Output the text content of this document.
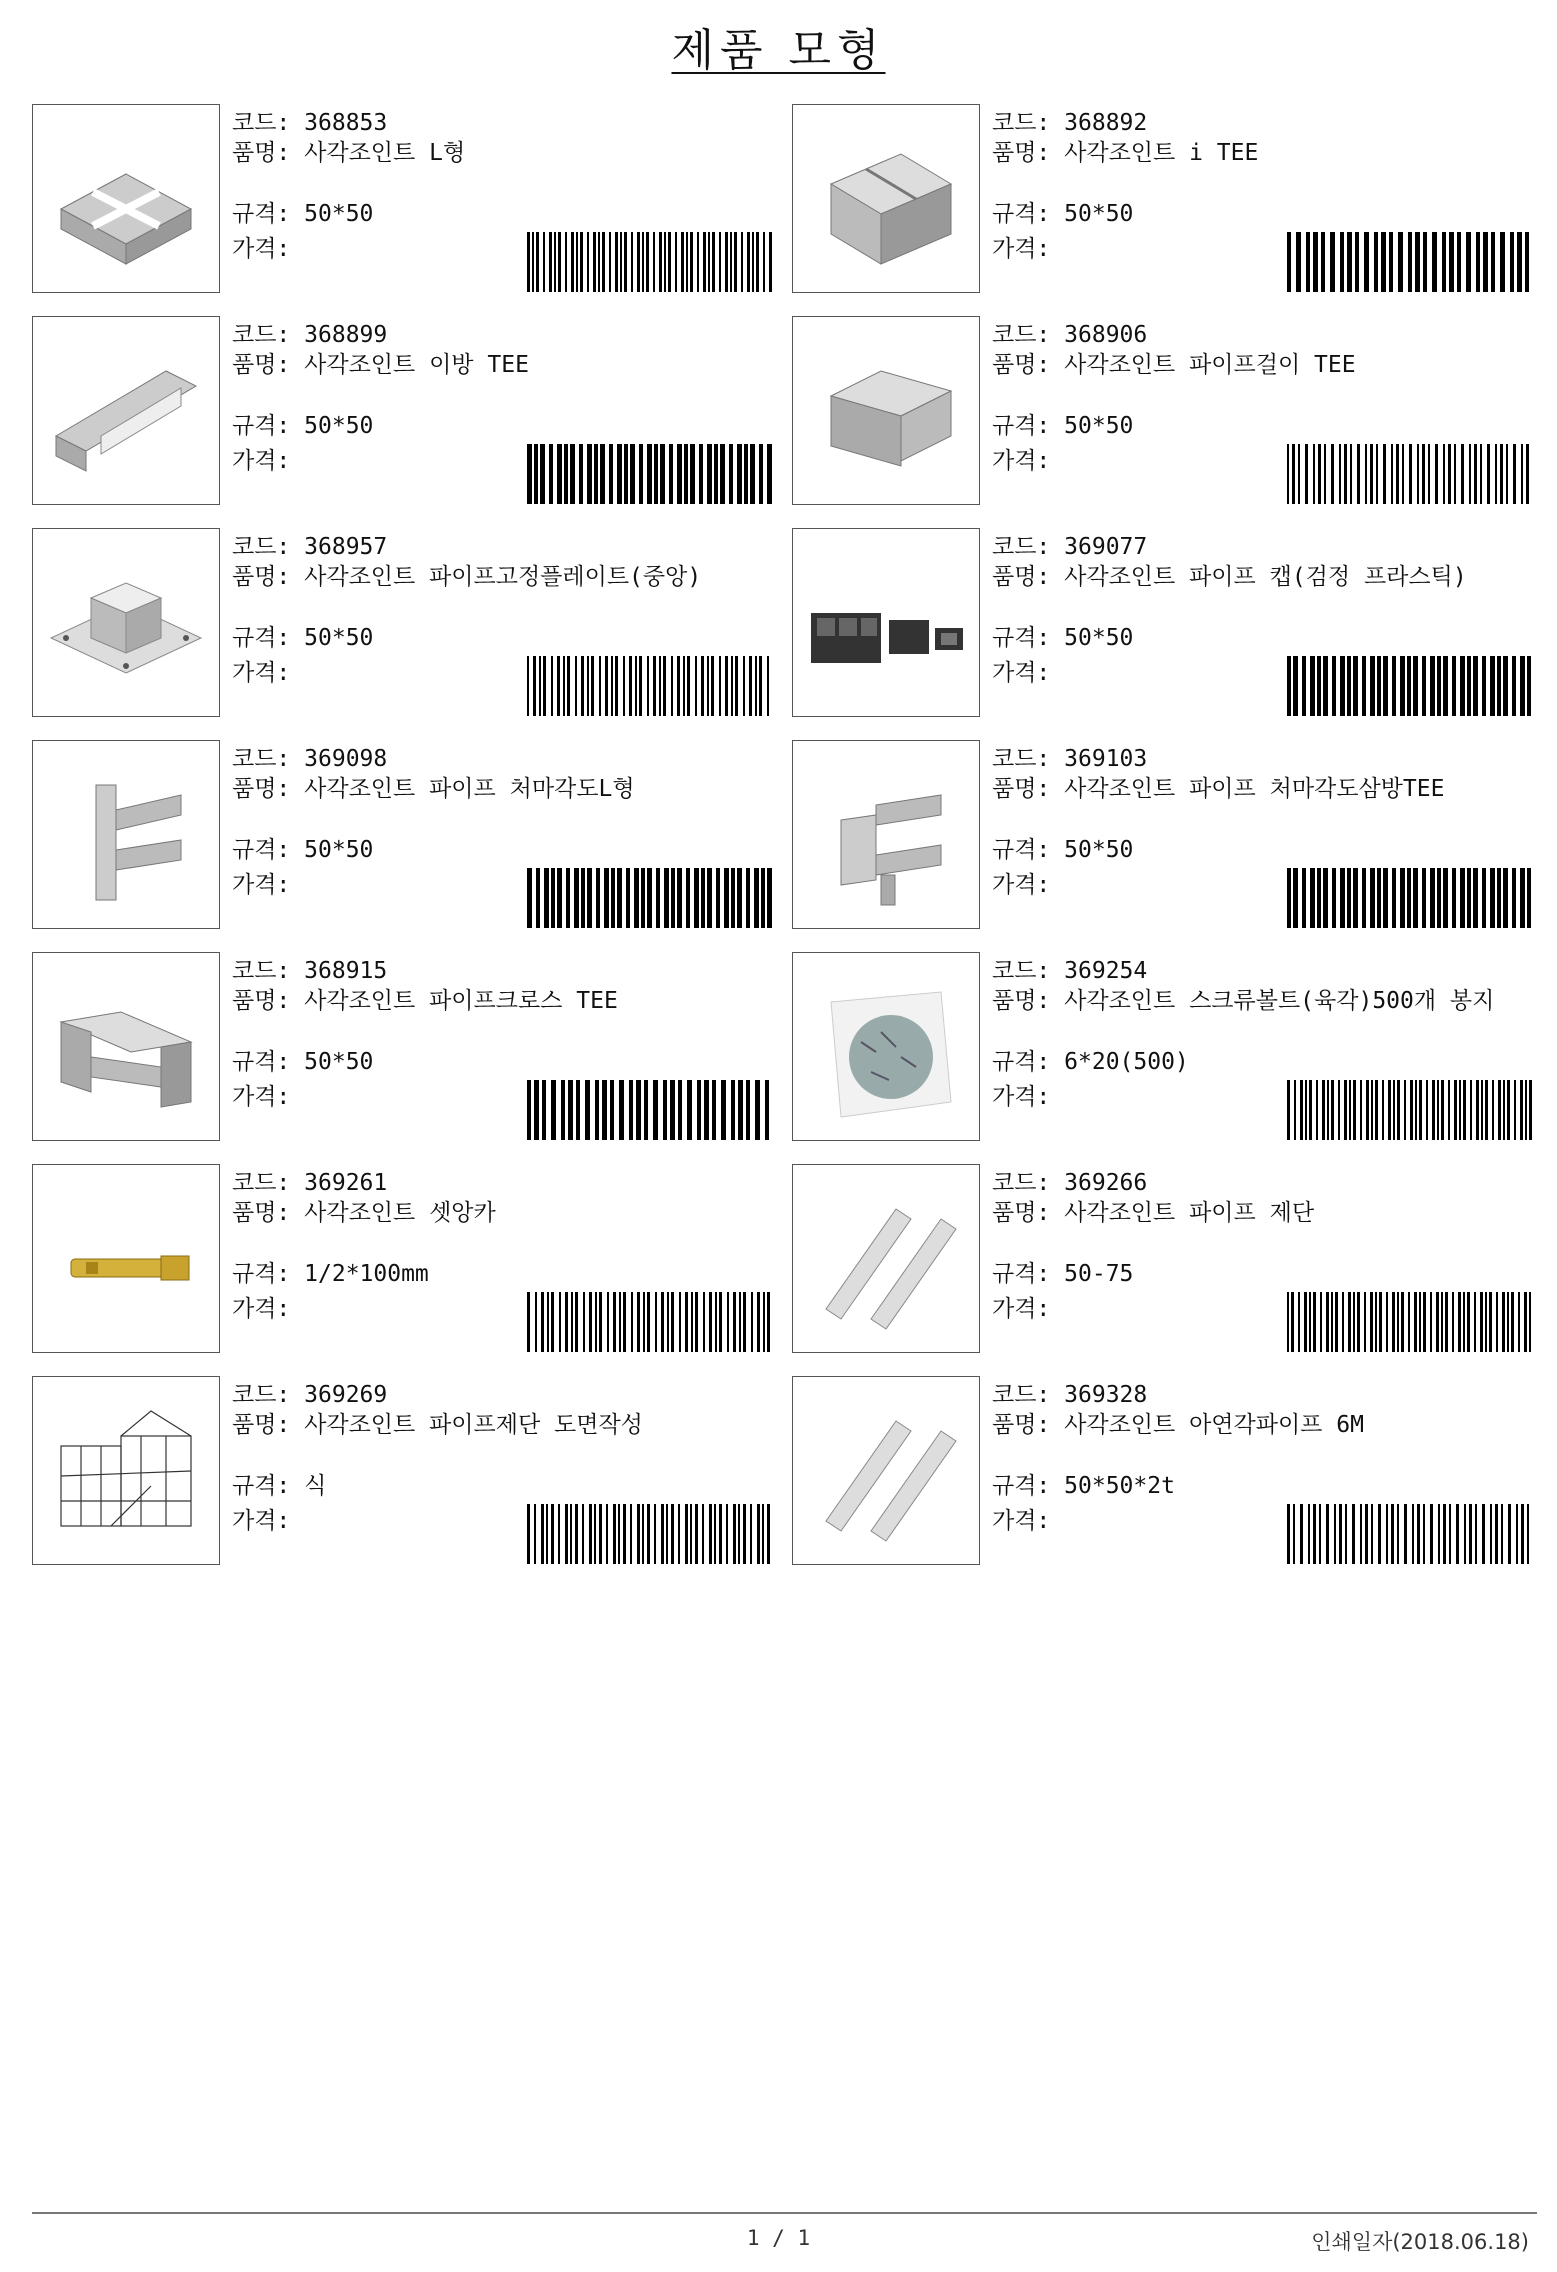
제품 모형
코드: 368853
품명: 사각조인트 L형
규격: 50*50
가격:
코드: 368892
품명: 사각조인트 i TEE
규격: 50*50
가격:
코드: 368899
품명: 사각조인트 이방 TEE
규격: 50*50
가격:
코드: 368906
품명: 사각조인트 파이프걸이 TEE
규격: 50*50
가격:
코드: 368957
품명: 사각조인트 파이프고정플레이트(중앙)
규격: 50*50
가격:
코드: 369077
품명: 사각조인트 파이프 캡(검정 프라스틱)
규격: 50*50
가격:
코드: 369098
품명: 사각조인트 파이프 처마각도L형
규격: 50*50
가격:
코드: 369103
품명: 사각조인트 파이프 처마각도삼방TEE
규격: 50*50
가격:
코드: 368915
품명: 사각조인트 파이프크로스 TEE
규격: 50*50
가격:
코드: 369254
품명: 사각조인트 스크류볼트(육각)500개 봉지
규격: 6*20(500)
가격:
코드: 369261
품명: 사각조인트 셋앙카
규격: 1/2*100mm
가격:
코드: 369266
품명: 사각조인트 파이프 제단
규격: 50-75
가격:
코드: 369269
품명: 사각조인트 파이프제단 도면작성
규격: 식
가격:
코드: 369328
품명: 사각조인트 아연각파이프 6M
규격: 50*50*2t
가격:
1 / 1	인쇄일자(2018.06.18)
